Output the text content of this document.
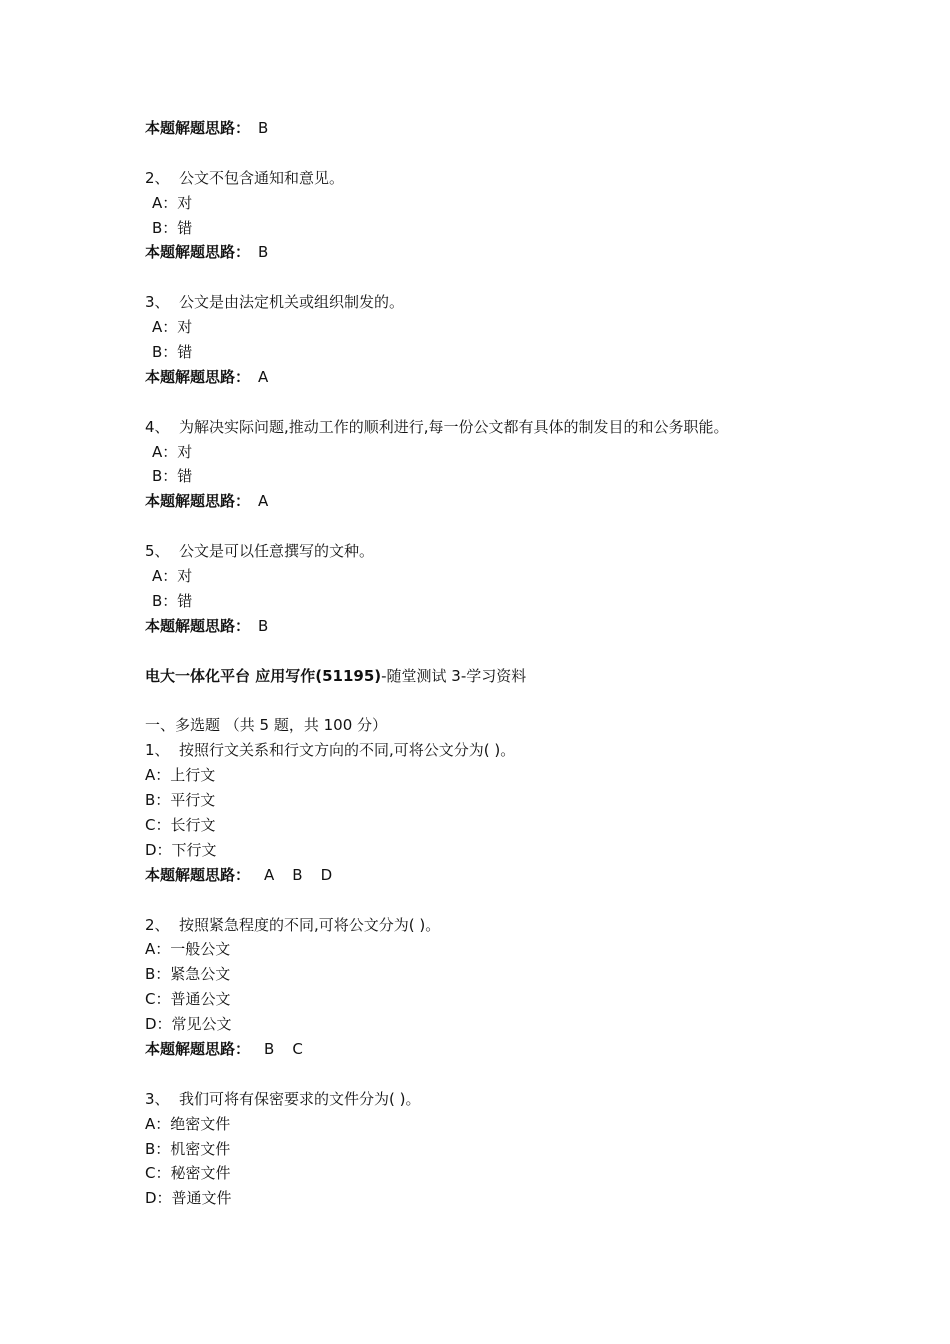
本题解题思路： B
2、 公文不包含通知和意见。
A：对
B：错
本题解题思路： B
3、 公文是由法定机关或组织制发的。
A：对
B：错
本题解题思路： A
4、 为解决实际问题,推动工作的顺利进行,每一份公文都有具体的制发目的和公务职能。
A：对
B：错
本题解题思路： A
5、 公文是可以任意撰写的文种。
A：对
B：错
本题解题思路： B
电大一体化平台 应用写作(51195)-随堂测试 3-学习资料
一、多选题 （共 5 题，共 100 分）
1、 按照行文关系和行文方向的不同,可将公文分为( )。
A：上行文
B：平行文
C：长行文
D：下行文
本题解题思路： A B D
2、 按照紧急程度的不同,可将公文分为( )。
A：一般公文
B：紧急公文
C：普通公文
D：常见公文
本题解题思路： B C
3、 我们可将有保密要求的文件分为( )。
A：绝密文件
B：机密文件
C：秘密文件
D：普通文件
